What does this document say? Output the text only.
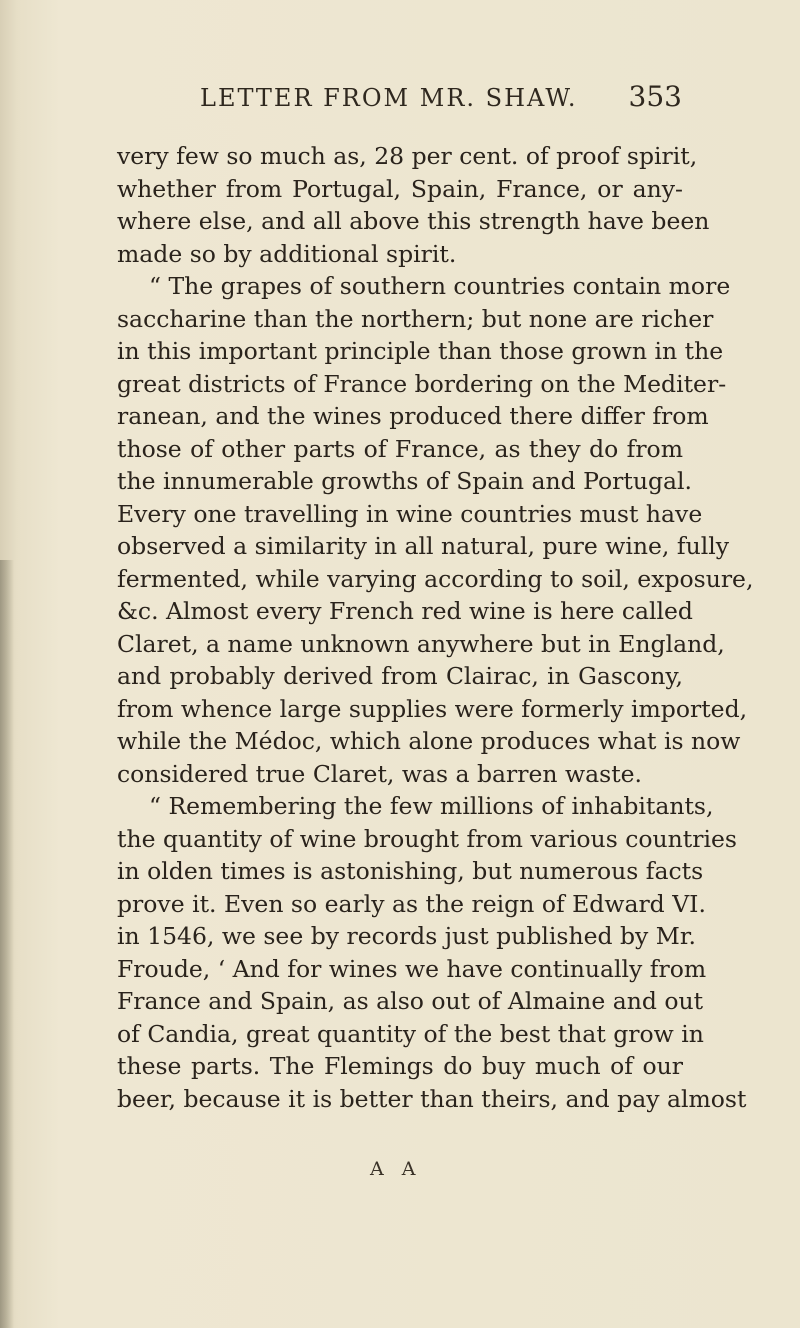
LETTER FROM MR. SHAW. 353
very few so much as, 28 per cent. of proof spirit,
whether from Portugal, Spain, France, or any-
where else, and all above this strength have been
made so by additional spirit.
“ The grapes of southern countries contain more
saccharine than the northern; but none are richer
in this important principle than those grown in the
great districts of France bordering on the Mediter-
ranean, and the wines produced there differ from
those of other parts of France, as they do from
the innumerable growths of Spain and Portugal.
Every one travelling in wine countries must have
observed a similarity in all natural, pure wine, fully
fermented, while varying according to soil, exposure,
&c. Almost every French red wine is here called
Claret, a name unknown anywhere but in England,
and probably derived from Clairac, in Gascony,
from whence large supplies were formerly imported,
while the Médoc, which alone produces what is now
considered true Claret, was a barren waste.
“ Remembering the few millions of inhabitants,
the quantity of wine brought from various countries
in olden times is astonishing, but numerous facts
prove it. Even so early as the reign of Edward VI.
in 1546, we see by records just published by Mr.
Froude, ‘ And for wines we have continually from
France and Spain, as also out of Almaine and out
of Candia, great quantity of the best that grow in
these parts. The Flemings do buy much of our
beer, because it is better than theirs, and pay almost
A A
